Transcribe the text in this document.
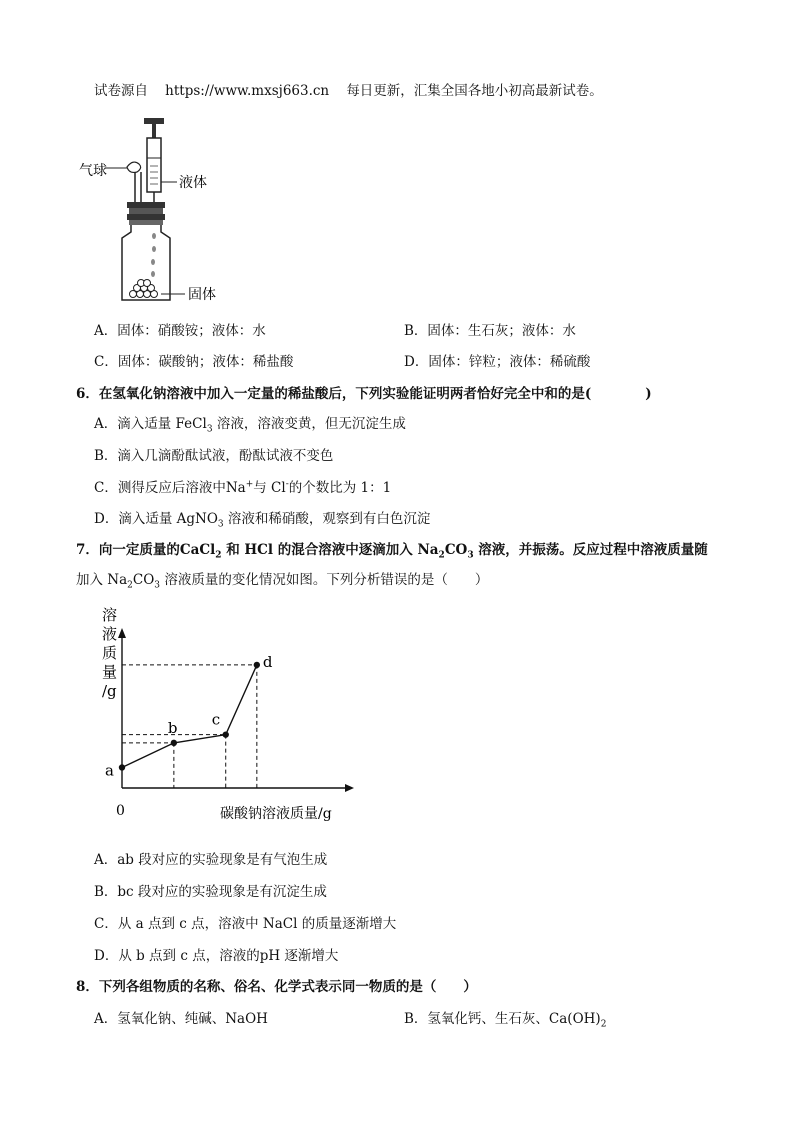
试卷源自 https://www.mxsj663.cn 每日更新，汇集全国各地小初高最新试卷。
气球
液体
固体
A．固体：硝酸铵；液体：水	B．固体：生石灰；液体：水
C．固体：碳酸钠；液体：稀盐酸	D．固体：锌粒；液体：稀硫酸
6．在氢氧化钠溶液中加入一定量的稀盐酸后，下列实验能证明两者恰好完全中和的是(　　　　)
A．滴入适量 FeCl$_3$ 溶液，溶液变黄，但无沉淀生成
B．滴入几滴酚酞试液，酚酞试液不变色
C．测得反应后溶液中Na+与 Cl-的个数比为 1：1
D．滴入适量 AgNO$_3$ 溶液和稀硝酸，观察到有白色沉淀
7．向一定质量的CaCl$_2$ 和 HCl 的混合溶液中逐滴加入 $Na_2CO_3$ 溶液，并振荡。反应过程中溶液质量随
加入 $Na_2CO_3$ 溶液质量的变化情况如图。下列分析错误的是（　　）
溶
液
质
量
/g
a
b c
d
0	碳酸钠溶液质量/g
A．ab 段对应的实验现象是有气泡生成
B．bc 段对应的实验现象是有沉淀生成
C．从 a 点到 c 点，溶液中 NaCl 的质量逐渐增大
D．从 b 点到 c 点，溶液的pH 逐渐增大
8．下列各组物质的名称、俗名、化学式表示同一物质的是（　　）
A．氢氧化钠、纯碱、NaOH	B．氢氧化钙、生石灰、$Ca(OH)_2$
